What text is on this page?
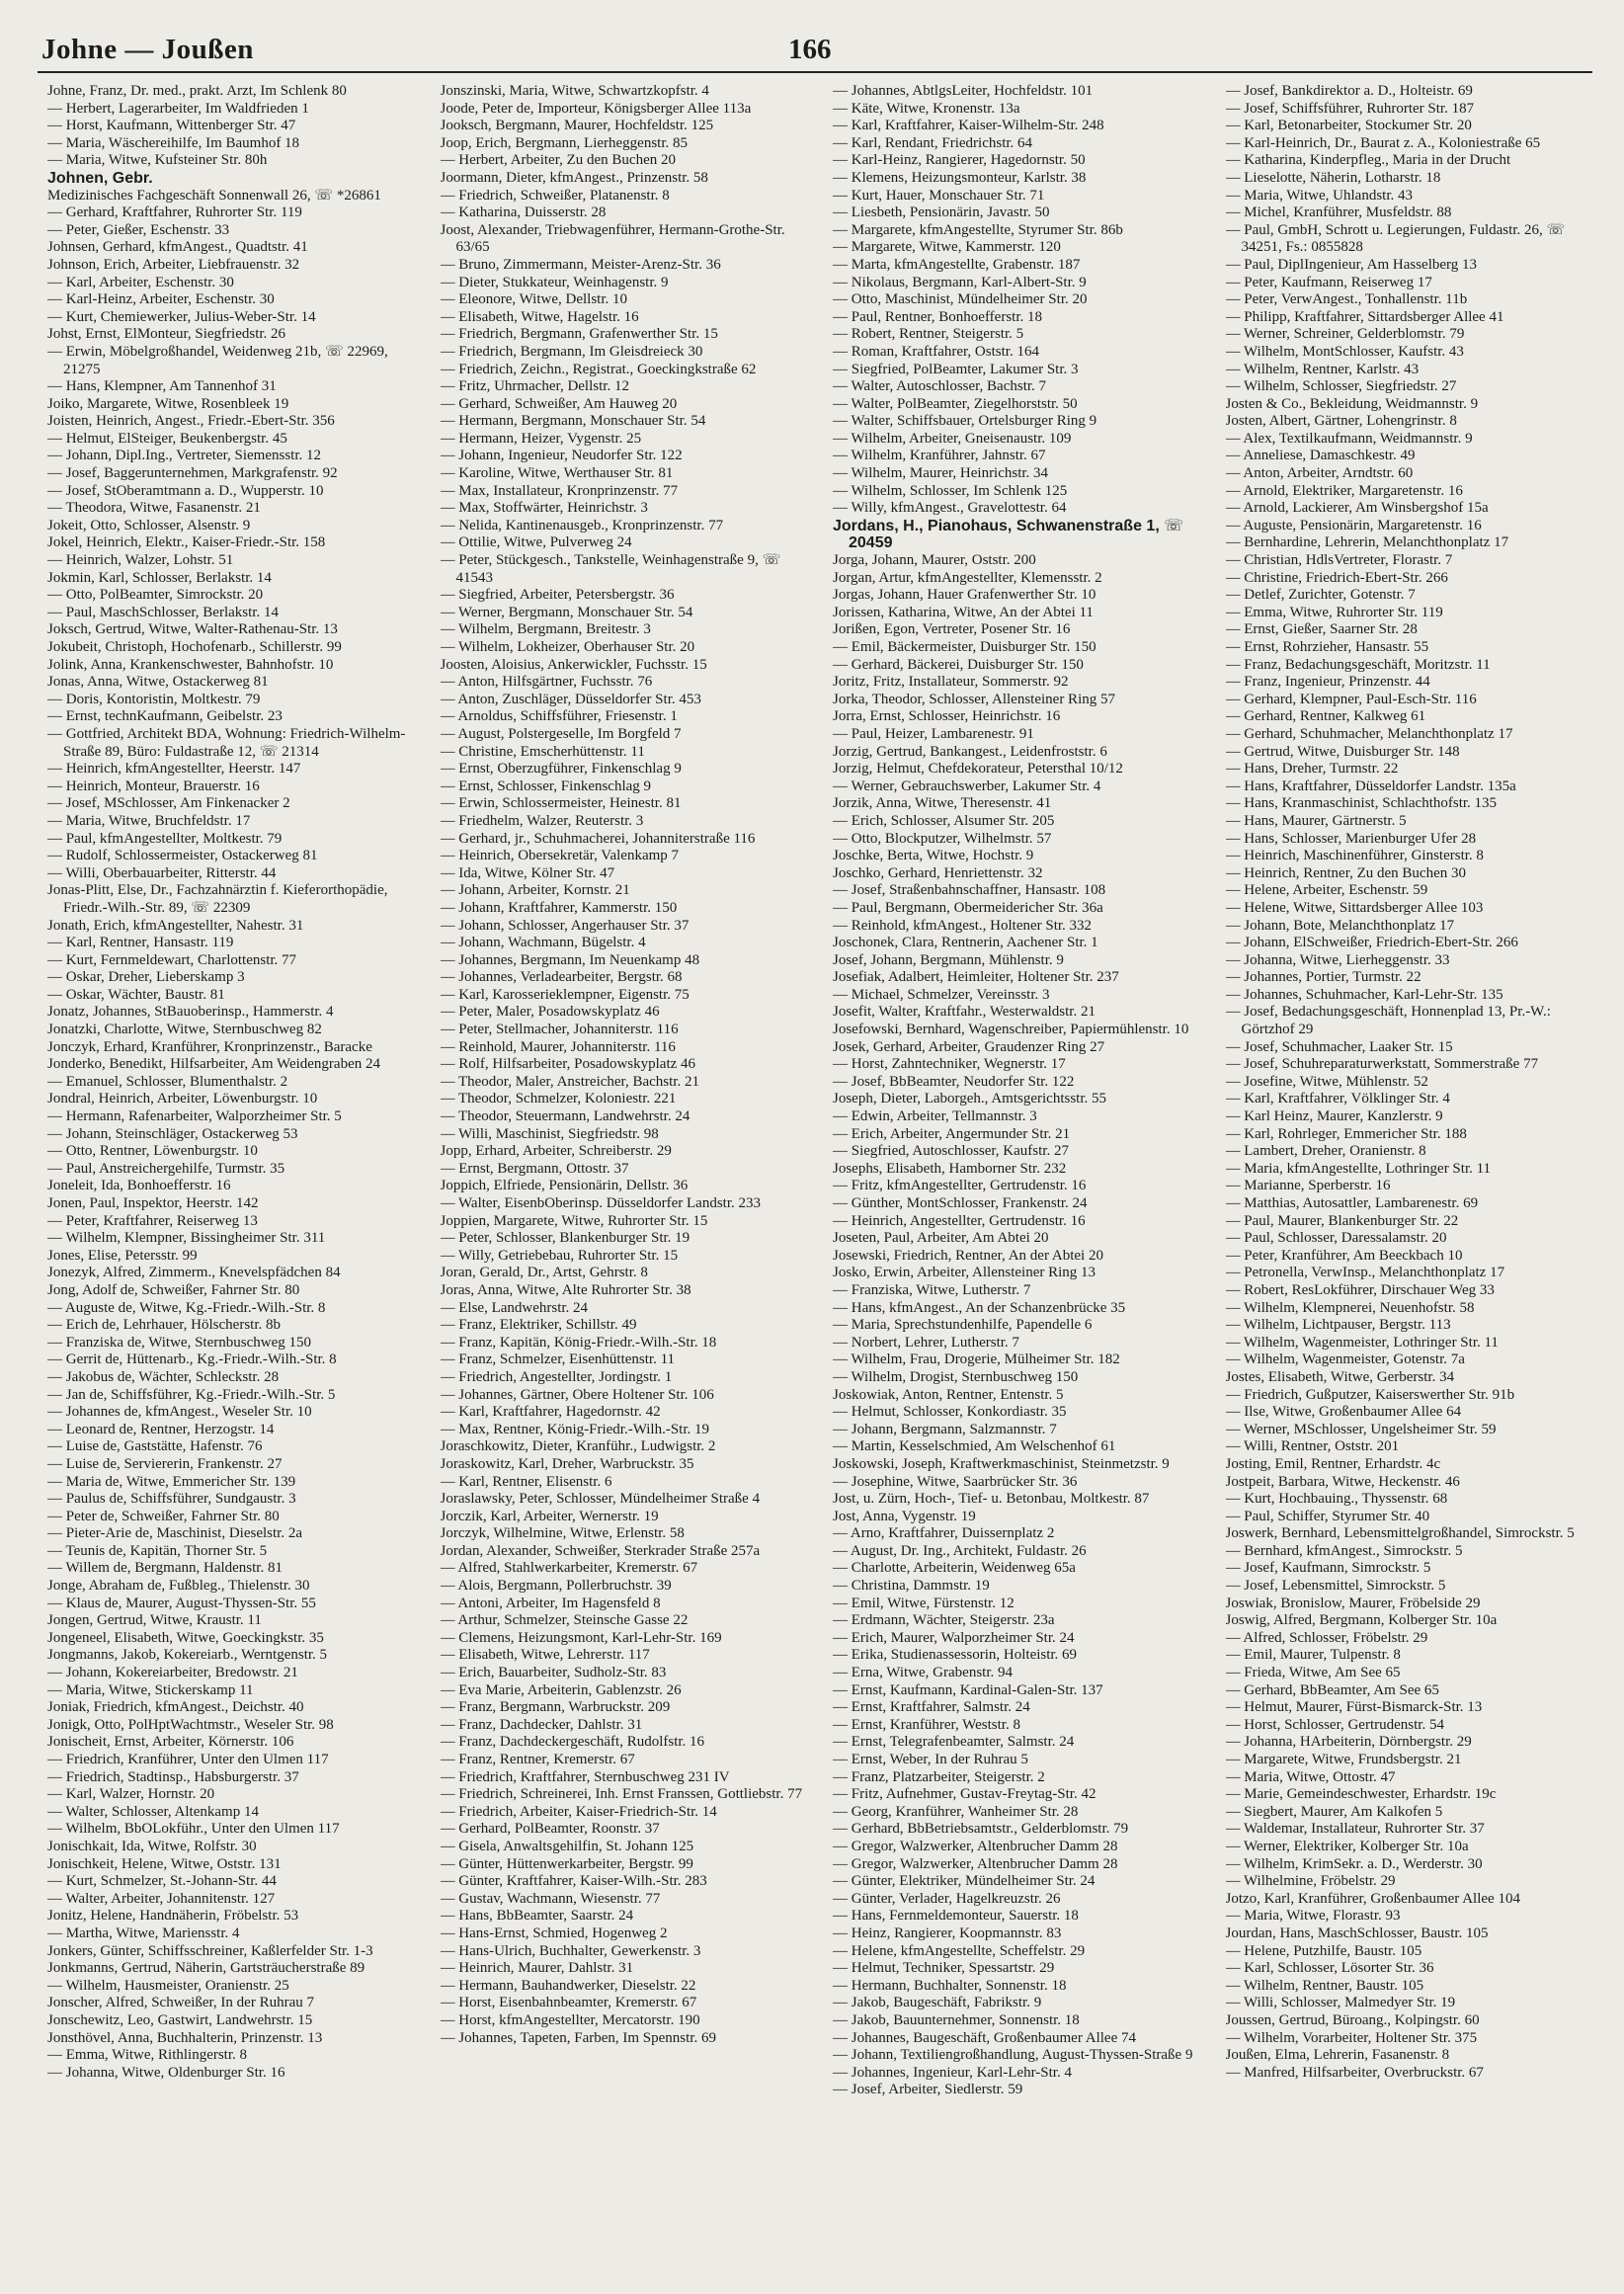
Johne — Joußen	166
Johne, Franz, Dr. med., prakt. Arzt, Im Schlenk 80
— Herbert, Lagerarbeiter, Im Waldfrieden 1
— Horst, Kaufmann, Wittenberger Str. 47
— Maria, Wäschereihilfe, Im Baumhof 18
— Maria, Witwe, Kufsteiner Str. 80h
Johnen, Gebr.
Medizinisches Fachgeschäft Sonnenwall 26, ☏ *26861
— Gerhard, Kraftfahrer, Ruhrorter Str. 119
— Peter, Gießer, Eschenstr. 33
Johnsen, Gerhard, kfmAngest., Quadtstr. 41
Johnson, Erich, Arbeiter, Liebfrauenstr. 32
— Karl, Arbeiter, Eschenstr. 30
— Karl-Heinz, Arbeiter, Eschenstr. 30
— Kurt, Chemiewerker, Julius-Weber-Str. 14
Johst, Ernst, ElMonteur, Siegfriedstr. 26
— Erwin, Möbelgroßhandel, Weidenweg 21b, ☏ 22969, 21275
— Hans, Klempner, Am Tannenhof 31
Joiko, Margarete, Witwe, Rosenbleek 19
Joisten, Heinrich, Angest., Friedr.-Ebert-Str. 356
— Helmut, ElSteiger, Beukenbergstr. 45
— Johann, Dipl.Ing., Vertreter, Siemensstr. 12
— Josef, Baggerunternehmen, Markgrafenstr. 92
— Josef, StOberamtmann a. D., Wupperstr. 10
— Theodora, Witwe, Fasanenstr. 21
Jokeit, Otto, Schlosser, Alsenstr. 9
Jokel, Heinrich, Elektr., Kaiser-Friedr.-Str. 158
— Heinrich, Walzer, Lohstr. 51
Jokmin, Karl, Schlosser, Berlakstr. 14
— Otto, PolBeamter, Simrockstr. 20
— Paul, MaschSchlosser, Berlakstr. 14
Joksch, Gertrud, Witwe, Walter-Rathenau-Str. 13
Jokubeit, Christoph, Hochofenarb., Schillerstr. 99
Jolink, Anna, Krankenschwester, Bahnhofstr. 10
Jonas, Anna, Witwe, Ostackerweg 81
— Doris, Kontoristin, Moltkestr. 79
— Ernst, technKaufmann, Geibelstr. 23
— Gottfried, Architekt BDA, Wohnung: Friedrich-Wilhelm-Straße 89, Büro: Fuldastraße 12, ☏ 21314
— Heinrich, kfmAngestellter, Heerstr. 147
— Heinrich, Monteur, Brauerstr. 16
— Josef, MSchlosser, Am Finkenacker 2
— Maria, Witwe, Bruchfeldstr. 17
— Paul, kfmAngestellter, Moltkestr. 79
— Rudolf, Schlossermeister, Ostackerweg 81
— Willi, Oberbauarbeiter, Ritterstr. 44
Jonas-Plitt, Else, Dr., Fachzahnärztin f. Kieferorthopädie, Friedr.-Wilh.-Str. 89, ☏ 22309
Jonath, Erich, kfmAngestellter, Nahestr. 31
— Karl, Rentner, Hansastr. 119
— Kurt, Fernmeldewart, Charlottenstr. 77
— Oskar, Dreher, Lieberskamp 3
— Oskar, Wächter, Baustr. 81
Jonatz, Johannes, StBauoberinsp., Hammerstr. 4
Jonatzki, Charlotte, Witwe, Sternbuschweg 82
Jonczyk, Erhard, Kranführer, Kronprinzenstr., Baracke
Jonderko, Benedikt, Hilfsarbeiter, Am Weidengraben 24
— Emanuel, Schlosser, Blumenthalstr. 2
Jondral, Heinrich, Arbeiter, Löwenburgstr. 10
— Hermann, Rafenarbeiter, Walporzheimer Str. 5
— Johann, Steinschläger, Ostackerweg 53
— Otto, Rentner, Löwenburgstr. 10
— Paul, Anstreichergehilfe, Turmstr. 35
Joneleit, Ida, Bonhoefferstr. 16
Jonen, Paul, Inspektor, Heerstr. 142
— Peter, Kraftfahrer, Reiserweg 13
— Wilhelm, Klempner, Bissingheimer Str. 311
Jones, Elise, Petersstr. 99
Jonezyk, Alfred, Zimmerm., Knevelspfädchen 84
Jong, Adolf de, Schweißer, Fahrner Str. 80
— Auguste de, Witwe, Kg.-Friedr.-Wilh.-Str. 8
— Erich de, Lehrhauer, Hölscherstr. 8b
— Franziska de, Witwe, Sternbuschweg 150
— Gerrit de, Hüttenarb., Kg.-Friedr.-Wilh.-Str. 8
— Jakobus de, Wächter, Schleckstr. 28
— Jan de, Schiffsführer, Kg.-Friedr.-Wilh.-Str. 5
— Johannes de, kfmAngest., Weseler Str. 10
— Leonard de, Rentner, Herzogstr. 14
— Luise de, Gaststätte, Hafenstr. 76
— Luise de, Serviererin, Frankenstr. 27
— Maria de, Witwe, Emmericher Str. 139
— Paulus de, Schiffsführer, Sundgaustr. 3
— Peter de, Schweißer, Fahrner Str. 80
— Pieter-Arie de, Maschinist, Dieselstr. 2a
— Teunis de, Kapitän, Thorner Str. 5
— Willem de, Bergmann, Haldenstr. 81
Jonge, Abraham de, Fußbleg., Thielenstr. 30
— Klaus de, Maurer, August-Thyssen-Str. 55
Jongen, Gertrud, Witwe, Kraustr. 11
Jongeneel, Elisabeth, Witwe, Goeckingkstr. 35
Jongmanns, Jakob, Kokereiarb., Werntgenstr. 5
— Johann, Kokereiarbeiter, Bredowstr. 21
— Maria, Witwe, Stickerskamp 11
Joniak, Friedrich, kfmAngest., Deichstr. 40
Jonigk, Otto, PolHptWachtmstr., Weseler Str. 98
Jonischeit, Ernst, Arbeiter, Körnerstr. 106
— Friedrich, Kranführer, Unter den Ulmen 117
— Friedrich, Stadtinsp., Habsburgerstr. 37
— Karl, Walzer, Hornstr. 20
— Walter, Schlosser, Altenkamp 14
— Wilhelm, BbOLokführ., Unter den Ulmen 117
Jonischkait, Ida, Witwe, Rolfstr. 30
Jonischkeit, Helene, Witwe, Oststr. 131
— Kurt, Schmelzer, St.-Johann-Str. 44
— Walter, Arbeiter, Johannitenstr. 127
Jonitz, Helene, Handnäherin, Fröbelstr. 53
— Martha, Witwe, Mariensstr. 4
Jonkers, Günter, Schiffsschreiner, Kaßlerfelder Str. 1-3
Jonkmanns, Gertrud, Näherin, Gartsträucherstraße 89
— Wilhelm, Hausmeister, Oranienstr. 25
Jonscher, Alfred, Schweißer, In der Ruhrau 7
Jonschewitz, Leo, Gastwirt, Landwehrstr. 15
Jonsthövel, Anna, Buchhalterin, Prinzenstr. 13
— Emma, Witwe, Rithlingerstr. 8
— Johanna, Witwe, Oldenburger Str. 16
Jonszinski, Maria, Witwe, Schwartzkopfstr. 4
Joode, Peter de, Importeur, Königsberger Allee 113a
Jooksch, Bergmann, Maurer, Hochfeldstr. 125
Joop, Erich, Bergmann, Lierheggenstr. 85
— Herbert, Arbeiter, Zu den Buchen 20
Joormann, Dieter, kfmAngest., Prinzenstr. 58
— Friedrich, Schweißer, Platanenstr. 8
— Katharina, Duisserstr. 28
Joost, Alexander, Triebwagenführer, Hermann-Grothe-Str. 63/65
— Bruno, Zimmermann, Meister-Arenz-Str. 36
— Dieter, Stukkateur, Weinhagenstr. 9
— Eleonore, Witwe, Dellstr. 10
— Elisabeth, Witwe, Hagelstr. 16
— Friedrich, Bergmann, Grafenwerther Str. 15
— Friedrich, Bergmann, Im Gleisdreieck 30
— Friedrich, Zeichn., Registrat., Goeckingkstraße 62
— Fritz, Uhrmacher, Dellstr. 12
— Gerhard, Schweißer, Am Hauweg 20
— Hermann, Bergmann, Monschauer Str. 54
— Hermann, Heizer, Vygenstr. 25
— Johann, Ingenieur, Neudorfer Str. 122
— Karoline, Witwe, Werthauser Str. 81
— Max, Installateur, Kronprinzenstr. 77
— Max, Stoffwärter, Heinrichstr. 3
— Nelida, Kantinenausgeb., Kronprinzenstr. 77
— Ottilie, Witwe, Pulverweg 24
— Peter, Stückgesch., Tankstelle, Weinhagenstraße 9, ☏ 41543
— Siegfried, Arbeiter, Petersbergstr. 36
— Werner, Bergmann, Monschauer Str. 54
— Wilhelm, Bergmann, Breitestr. 3
— Wilhelm, Lokheizer, Oberhauser Str. 20
Joosten, Aloisius, Ankerwickler, Fuchsstr. 15
— Anton, Hilfsgärtner, Fuchsstr. 76
— Anton, Zuschläger, Düsseldorfer Str. 453
— Arnoldus, Schiffsführer, Friesenstr. 1
— August, Polstergeselle, Im Borgfeld 7
— Christine, Emscherhüttenstr. 11
— Ernst, Oberzugführer, Finkenschlag 9
— Ernst, Schlosser, Finkenschlag 9
— Erwin, Schlossermeister, Heinestr. 81
— Friedhelm, Walzer, Reuterstr. 3
— Gerhard, jr., Schuhmacherei, Johanniterstraße 116
— Heinrich, Obersekretär, Valenkamp 7
— Ida, Witwe, Kölner Str. 47
— Johann, Arbeiter, Kornstr. 21
— Johann, Kraftfahrer, Kammerstr. 150
— Johann, Schlosser, Angerhauser Str. 37
— Johann, Wachmann, Bügelstr. 4
— Johannes, Bergmann, Im Neuenkamp 48
— Johannes, Verladearbeiter, Bergstr. 68
— Karl, Karosserieklempner, Eigenstr. 75
— Peter, Maler, Posadowskyplatz 46
— Peter, Stellmacher, Johanniterstr. 116
— Reinhold, Maurer, Johanniterstr. 116
— Rolf, Hilfsarbeiter, Posadowskyplatz 46
— Theodor, Maler, Anstreicher, Bachstr. 21
— Theodor, Schmelzer, Koloniestr. 221
— Theodor, Steuermann, Landwehrstr. 24
— Willi, Maschinist, Siegfriedstr. 98
Jopp, Erhard, Arbeiter, Schreiberstr. 29
— Ernst, Bergmann, Ottostr. 37
Joppich, Elfriede, Pensionärin, Dellstr. 36
— Walter, EisenbOberinsp. Düsseldorfer Landstr. 233
Joppien, Margarete, Witwe, Ruhrorter Str. 15
— Peter, Schlosser, Blankenburger Str. 19
— Willy, Getriebebau, Ruhrorter Str. 15
Joran, Gerald, Dr., Artst, Gehrstr. 8
Joras, Anna, Witwe, Alte Ruhrorter Str. 38
— Else, Landwehrstr. 24
— Franz, Elektriker, Schillstr. 49
— Franz, Kapitän, König-Friedr.-Wilh.-Str. 18
— Franz, Schmelzer, Eisenhüttenstr. 11
— Friedrich, Angestellter, Jordingstr. 1
— Johannes, Gärtner, Obere Holtener Str. 106
— Karl, Kraftfahrer, Hagedornstr. 42
— Max, Rentner, König-Friedr.-Wilh.-Str. 19
Joraschkowitz, Dieter, Kranführ., Ludwigstr. 2
Joraskowitz, Karl, Dreher, Warbruckstr. 35
— Karl, Rentner, Elisenstr. 6
Joraslawsky, Peter, Schlosser, Mündelheimer Straße 4
Jorczik, Karl, Arbeiter, Wernerstr. 19
Jorczyk, Wilhelmine, Witwe, Erlenstr. 58
Jordan, Alexander, Schweißer, Sterkrader Straße 257a
— Alfred, Stahlwerkarbeiter, Kremerstr. 67
— Alois, Bergmann, Pollerbruchstr. 39
— Antoni, Arbeiter, Im Hagensfeld 8
— Arthur, Schmelzer, Steinsche Gasse 22
— Clemens, Heizungsmont, Karl-Lehr-Str. 169
— Elisabeth, Witwe, Lehrerstr. 117
— Erich, Bauarbeiter, Sudholz-Str. 83
— Eva Marie, Arbeiterin, Gablenzstr. 26
— Franz, Bergmann, Warbruckstr. 209
— Franz, Dachdecker, Dahlstr. 31
— Franz, Dachdeckergeschäft, Rudolfstr. 16
— Franz, Rentner, Kremerstr. 67
— Friedrich, Kraftfahrer, Sternbuschweg 231 IV
— Friedrich, Schreinerei, Inh. Ernst Franssen, Gottliebstr. 77
— Friedrich, Arbeiter, Kaiser-Friedrich-Str. 14
— Gerhard, PolBeamter, Roonstr. 37
— Gisela, Anwaltsgehilfin, St. Johann 125
— Günter, Hüttenwerkarbeiter, Bergstr. 99
— Günter, Kraftfahrer, Kaiser-Wilh.-Str. 283
— Gustav, Wachmann, Wiesenstr. 77
— Hans, BbBeamter, Saarstr. 24
— Hans-Ernst, Schmied, Hogenweg 2
— Hans-Ulrich, Buchhalter, Gewerkenstr. 3
— Heinrich, Maurer, Dahlstr. 31
— Hermann, Bauhandwerker, Dieselstr. 22
— Horst, Eisenbahnbeamter, Kremerstr. 67
— Horst, kfmAngestellter, Mercatorstr. 190
— Johannes, Tapeten, Farben, Im Spennstr. 69
— Johannes, AbtlgsLeiter, Hochfeldstr. 101
— Käte, Witwe, Kronenstr. 13a
— Karl, Kraftfahrer, Kaiser-Wilhelm-Str. 248
— Karl, Rendant, Friedrichstr. 64
— Karl-Heinz, Rangierer, Hagedornstr. 50
— Klemens, Heizungsmonteur, Karlstr. 38
— Kurt, Hauer, Monschauer Str. 71
— Liesbeth, Pensionärin, Javastr. 50
— Margarete, kfmAngestellte, Styrumer Str. 86b
— Margarete, Witwe, Kammerstr. 120
— Marta, kfmAngestellte, Grabenstr. 187
— Nikolaus, Bergmann, Karl-Albert-Str. 9
— Otto, Maschinist, Mündelheimer Str. 20
— Paul, Rentner, Bonhoefferstr. 18
— Robert, Rentner, Steigerstr. 5
— Roman, Kraftfahrer, Oststr. 164
— Siegfried, PolBeamter, Lakumer Str. 3
— Walter, Autoschlosser, Bachstr. 7
— Walter, PolBeamter, Ziegelhorststr. 50
— Walter, Schiffsbauer, Ortelsburger Ring 9
— Wilhelm, Arbeiter, Gneisenaustr. 109
— Wilhelm, Kranführer, Jahnstr. 67
— Wilhelm, Maurer, Heinrichstr. 34
— Wilhelm, Schlosser, Im Schlenk 125
— Willy, kfmAngest., Gravelottestr. 64
Jordans, H., Pianohaus, Schwanenstraße 1, ☏ 20459
Jorga, Johann, Maurer, Oststr. 200
Jorgan, Artur, kfmAngestellter, Klemensstr. 2
Jorgas, Johann, Hauer Grafenwerther Str. 10
Jorissen, Katharina, Witwe, An der Abtei 11
Jorißen, Egon, Vertreter, Posener Str. 16
— Emil, Bäckermeister, Duisburger Str. 150
— Gerhard, Bäckerei, Duisburger Str. 150
Joritz, Fritz, Installateur, Sommerstr. 92
Jorka, Theodor, Schlosser, Allensteiner Ring 57
Jorra, Ernst, Schlosser, Heinrichstr. 16
— Paul, Heizer, Lambarenestr. 91
Jorzig, Gertrud, Bankangest., Leidenfroststr. 6
Jorzig, Helmut, Chefdekorateur, Petersthal 10/12
— Werner, Gebrauchswerber, Lakumer Str. 4
Jorzik, Anna, Witwe, Theresenstr. 41
— Erich, Schlosser, Alsumer Str. 205
— Otto, Blockputzer, Wilhelmstr. 57
Joschke, Berta, Witwe, Hochstr. 9
Joschko, Gerhard, Henriettenstr. 32
— Josef, Straßenbahnschaffner, Hansastr. 108
— Paul, Bergmann, Obermeidericher Str. 36a
— Reinhold, kfmAngest., Holtener Str. 332
Joschonek, Clara, Rentnerin, Aachener Str. 1
Josef, Johann, Bergmann, Mühlenstr. 9
Josefiak, Adalbert, Heimleiter, Holtener Str. 237
— Michael, Schmelzer, Vereinsstr. 3
Josefit, Walter, Kraftfahr., Westerwaldstr. 21
Josefowski, Bernhard, Wagenschreiber, Papiermühlenstr. 10
Josek, Gerhard, Arbeiter, Graudenzer Ring 27
— Horst, Zahntechniker, Wegnerstr. 17
— Josef, BbBeamter, Neudorfer Str. 122
Joseph, Dieter, Laborgeh., Amtsgerichtsstr. 55
— Edwin, Arbeiter, Tellmannstr. 3
— Erich, Arbeiter, Angermunder Str. 21
— Siegfried, Autoschlosser, Kaufstr. 27
Josephs, Elisabeth, Hamborner Str. 232
— Fritz, kfmAngestellter, Gertrudenstr. 16
— Günther, MontSchlosser, Frankenstr. 24
— Heinrich, Angestellter, Gertrudenstr. 16
Joseten, Paul, Arbeiter, Am Abtei 20
Josewski, Friedrich, Rentner, An der Abtei 20
Josko, Erwin, Arbeiter, Allensteiner Ring 13
— Franziska, Witwe, Lutherstr. 7
— Hans, kfmAngest., An der Schanzenbrücke 35
— Maria, Sprechstundenhilfe, Papendelle 6
— Norbert, Lehrer, Lutherstr. 7
— Wilhelm, Frau, Drogerie, Mülheimer Str. 182
— Wilhelm, Drogist, Sternbuschweg 150
Joskowiak, Anton, Rentner, Entenstr. 5
— Helmut, Schlosser, Konkordiastr. 35
— Johann, Bergmann, Salzmannstr. 7
— Martin, Kesselschmied, Am Welschenhof 61
Joskowski, Joseph, Kraftwerkmaschinist, Steinmetzstr. 9
— Josephine, Witwe, Saarbrücker Str. 36
Jost, u. Zürn, Hoch-, Tief- u. Betonbau, Moltkestr. 87
Jost, Anna, Vygenstr. 19
— Arno, Kraftfahrer, Duissernplatz 2
— August, Dr. Ing., Architekt, Fuldastr. 26
— Charlotte, Arbeiterin, Weidenweg 65a
— Christina, Dammstr. 19
— Emil, Witwe, Fürstenstr. 12
— Erdmann, Wächter, Steigerstr. 23a
— Erich, Maurer, Walporzheimer Str. 24
— Erika, Studienassessorin, Holteistr. 69
— Erna, Witwe, Grabenstr. 94
— Ernst, Kaufmann, Kardinal-Galen-Str. 137
— Ernst, Kraftfahrer, Salmstr. 24
— Ernst, Kranführer, Weststr. 8
— Ernst, Telegrafenbeamter, Salmstr. 24
— Ernst, Weber, In der Ruhrau 5
— Franz, Platzarbeiter, Steigerstr. 2
— Fritz, Aufnehmer, Gustav-Freytag-Str. 42
— Georg, Kranführer, Wanheimer Str. 28
— Gerhard, BbBetriebsamtstr., Gelderblomstr. 79
— Gregor, Walzwerker, Altenbrucher Damm 28
— Gregor, Walzwerker, Altenbrucher Damm 28
— Günter, Elektriker, Mündelheimer Str. 24
— Günter, Verlader, Hagelkreuzstr. 26
— Hans, Fernmeldemonteur, Sauerstr. 18
— Heinz, Rangierer, Koopmannstr. 83
— Helene, kfmAngestellte, Scheffelstr. 29
— Helmut, Techniker, Spessartstr. 29
— Hermann, Buchhalter, Sonnenstr. 18
— Jakob, Baugeschäft, Fabrikstr. 9
— Jakob, Bauunternehmer, Sonnenstr. 18
— Johannes, Baugeschäft, Großenbaumer Allee 74
— Johann, Textiliengroßhandlung, August-Thyssen-Straße 9
— Johannes, Ingenieur, Karl-Lehr-Str. 4
— Josef, Arbeiter, Siedlerstr. 59
— Josef, Bankdirektor a. D., Holteistr. 69
— Josef, Schiffsführer, Ruhrorter Str. 187
— Karl, Betonarbeiter, Stockumer Str. 20
— Karl-Heinrich, Dr., Baurat z. A., Koloniestraße 65
— Katharina, Kinderpfleg., Maria in der Drucht
— Lieselotte, Näherin, Lotharstr. 18
— Maria, Witwe, Uhlandstr. 43
— Michel, Kranführer, Musfeldstr. 88
— Paul, GmbH, Schrott u. Legierungen, Fuldastr. 26, ☏ 34251, Fs.: 0855828
— Paul, DiplIngenieur, Am Hasselberg 13
— Peter, Kaufmann, Reiserweg 17
— Peter, VerwAngest., Tonhallenstr. 11b
— Philipp, Kraftfahrer, Sittardsberger Allee 41
— Werner, Schreiner, Gelderblomstr. 79
— Wilhelm, MontSchlosser, Kaufstr. 43
— Wilhelm, Rentner, Karlstr. 43
— Wilhelm, Schlosser, Siegfriedstr. 27
Josten & Co., Bekleidung, Weidmannstr. 9
Josten, Albert, Gärtner, Lohengrinstr. 8
— Alex, Textilkaufmann, Weidmannstr. 9
— Anneliese, Damaschkestr. 49
— Anton, Arbeiter, Arndtstr. 60
— Arnold, Elektriker, Margaretenstr. 16
— Arnold, Lackierer, Am Winsbergshof 15a
— Auguste, Pensionärin, Margaretenstr. 16
— Bernhardine, Lehrerin, Melanchthonplatz 17
— Christian, HdlsVertreter, Florastr. 7
— Christine, Friedrich-Ebert-Str. 266
— Detlef, Zurichter, Gotenstr. 7
— Emma, Witwe, Ruhrorter Str. 119
— Ernst, Gießer, Saarner Str. 28
— Ernst, Rohrzieher, Hansastr. 55
— Franz, Bedachungsgeschäft, Moritzstr. 11
— Franz, Ingenieur, Prinzenstr. 44
— Gerhard, Klempner, Paul-Esch-Str. 116
— Gerhard, Rentner, Kalkweg 61
— Gerhard, Schuhmacher, Melanchthonplatz 17
— Gertrud, Witwe, Duisburger Str. 148
— Hans, Dreher, Turmstr. 22
— Hans, Kraftfahrer, Düsseldorfer Landstr. 135a
— Hans, Kranmaschinist, Schlachthofstr. 135
— Hans, Maurer, Gärtnerstr. 5
— Hans, Schlosser, Marienburger Ufer 28
— Heinrich, Maschinenführer, Ginsterstr. 8
— Heinrich, Rentner, Zu den Buchen 30
— Helene, Arbeiter, Eschenstr. 59
— Helene, Witwe, Sittardsberger Allee 103
— Johann, Bote, Melanchthonplatz 17
— Johann, ElSchweißer, Friedrich-Ebert-Str. 266
— Johanna, Witwe, Lierheggenstr. 33
— Johannes, Portier, Turmstr. 22
— Johannes, Schuhmacher, Karl-Lehr-Str. 135
— Josef, Bedachungsgeschäft, Honnenplad 13, Pr.-W.: Görtzhof 29
— Josef, Schuhmacher, Laaker Str. 15
— Josef, Schuhreparaturwerkstatt, Sommerstraße 77
— Josefine, Witwe, Mühlenstr. 52
— Karl, Kraftfahrer, Völklinger Str. 4
— Karl Heinz, Maurer, Kanzlerstr. 9
— Karl, Rohrleger, Emmericher Str. 188
— Lambert, Dreher, Oranienstr. 8
— Maria, kfmAngestellte, Lothringer Str. 11
— Marianne, Sperberstr. 16
— Matthias, Autosattler, Lambarenestr. 69
— Paul, Maurer, Blankenburger Str. 22
— Paul, Schlosser, Daressalamstr. 20
— Peter, Kranführer, Am Beeckbach 10
— Petronella, VerwInsp., Melanchthonplatz 17
— Robert, ResLokführer, Dirschauer Weg 33
— Wilhelm, Klempnerei, Neuenhofstr. 58
— Wilhelm, Lichtpauser, Bergstr. 113
— Wilhelm, Wagenmeister, Lothringer Str. 11
— Wilhelm, Wagenmeister, Gotenstr. 7a
Jostes, Elisabeth, Witwe, Gerberstr. 34
— Friedrich, Gußputzer, Kaiserswerther Str. 91b
— Ilse, Witwe, Großenbaumer Allee 64
— Werner, MSchlosser, Ungelsheimer Str. 59
— Willi, Rentner, Oststr. 201
Josting, Emil, Rentner, Erhardstr. 4c
Jostpeit, Barbara, Witwe, Heckenstr. 46
— Kurt, Hochbauing., Thyssenstr. 68
— Paul, Schiffer, Styrumer Str. 40
Joswerk, Bernhard, Lebensmittelgroßhandel, Simrockstr. 5
— Bernhard, kfmAngest., Simrockstr. 5
— Josef, Kaufmann, Simrockstr. 5
— Josef, Lebensmittel, Simrockstr. 5
Joswiak, Bronislow, Maurer, Fröbelside 29
Joswig, Alfred, Bergmann, Kolberger Str. 10a
— Alfred, Schlosser, Fröbelstr. 29
— Emil, Maurer, Tulpenstr. 8
— Frieda, Witwe, Am See 65
— Gerhard, BbBeamter, Am See 65
— Helmut, Maurer, Fürst-Bismarck-Str. 13
— Horst, Schlosser, Gertrudenstr. 54
— Johanna, HArbeiterin, Dörnbergstr. 29
— Margarete, Witwe, Frundsbergstr. 21
— Maria, Witwe, Ottostr. 47
— Marie, Gemeindeschwester, Erhardstr. 19c
— Siegbert, Maurer, Am Kalkofen 5
— Waldemar, Installateur, Ruhrorter Str. 37
— Werner, Elektriker, Kolberger Str. 10a
— Wilhelm, KrimSekr. a. D., Werderstr. 30
— Wilhelmine, Fröbelstr. 29
Jotzo, Karl, Kranführer, Großenbaumer Allee 104
— Maria, Witwe, Florastr. 93
Jourdan, Hans, MaschSchlosser, Baustr. 105
— Helene, Putzhilfe, Baustr. 105
— Karl, Schlosser, Lösorter Str. 36
— Wilhelm, Rentner, Baustr. 105
— Willi, Schlosser, Malmedyer Str. 19
Joussen, Gertrud, Büroang., Kolpingstr. 60
— Wilhelm, Vorarbeiter, Holtener Str. 375
Joußen, Elma, Lehrerin, Fasanenstr. 8
— Manfred, Hilfsarbeiter, Overbruckstr. 67
